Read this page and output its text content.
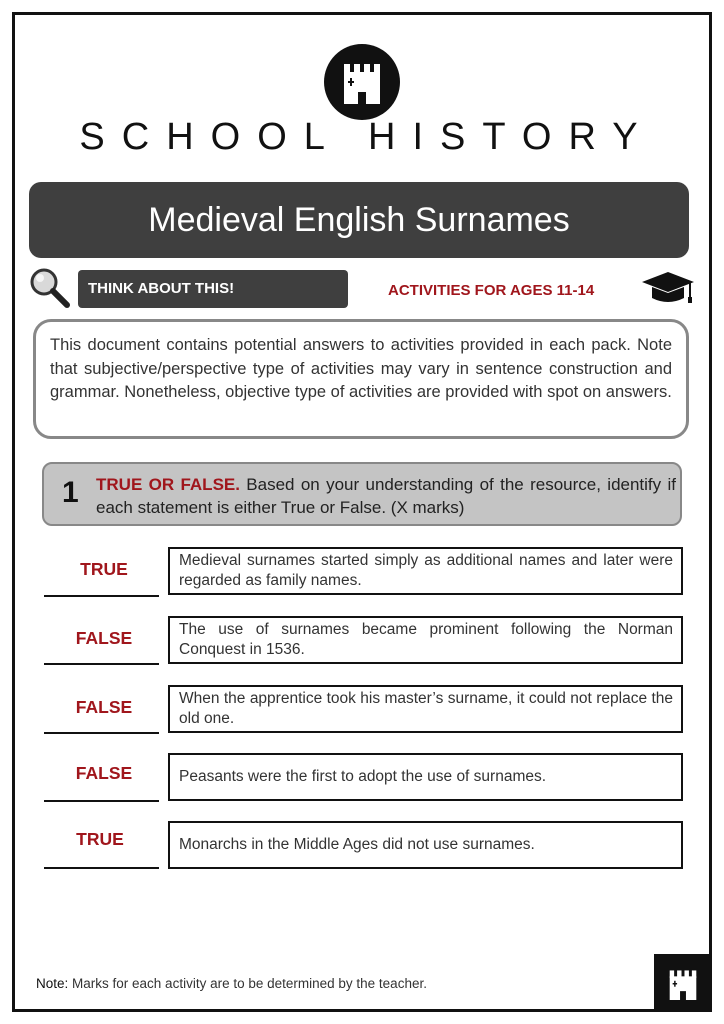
SCHOOL HISTORY
Medieval English Surnames
THINK ABOUT THIS!	ACTIVITIES FOR AGES 11-14
This document contains potential answers to activities provided in each pack. Note that subjective/perspective type of activities may vary in sentence construction and grammar. Nonetheless, objective type of activities are provided with spot on answers.
1 TRUE OR FALSE. Based on your understanding of the resource, identify if each statement is either True or False. (X marks)
TRUE	Medieval surnames started simply as additional names and later were regarded as family names.
FALSE	The use of surnames became prominent following the Norman Conquest in 1536.
FALSE	When the apprentice took his master’s surname, it could not replace the old one.
FALSE	Peasants were the first to adopt the use of surnames.
TRUE	Monarchs in the Middle Ages did not use surnames.
Note: Marks for each activity are to be determined by the teacher.
